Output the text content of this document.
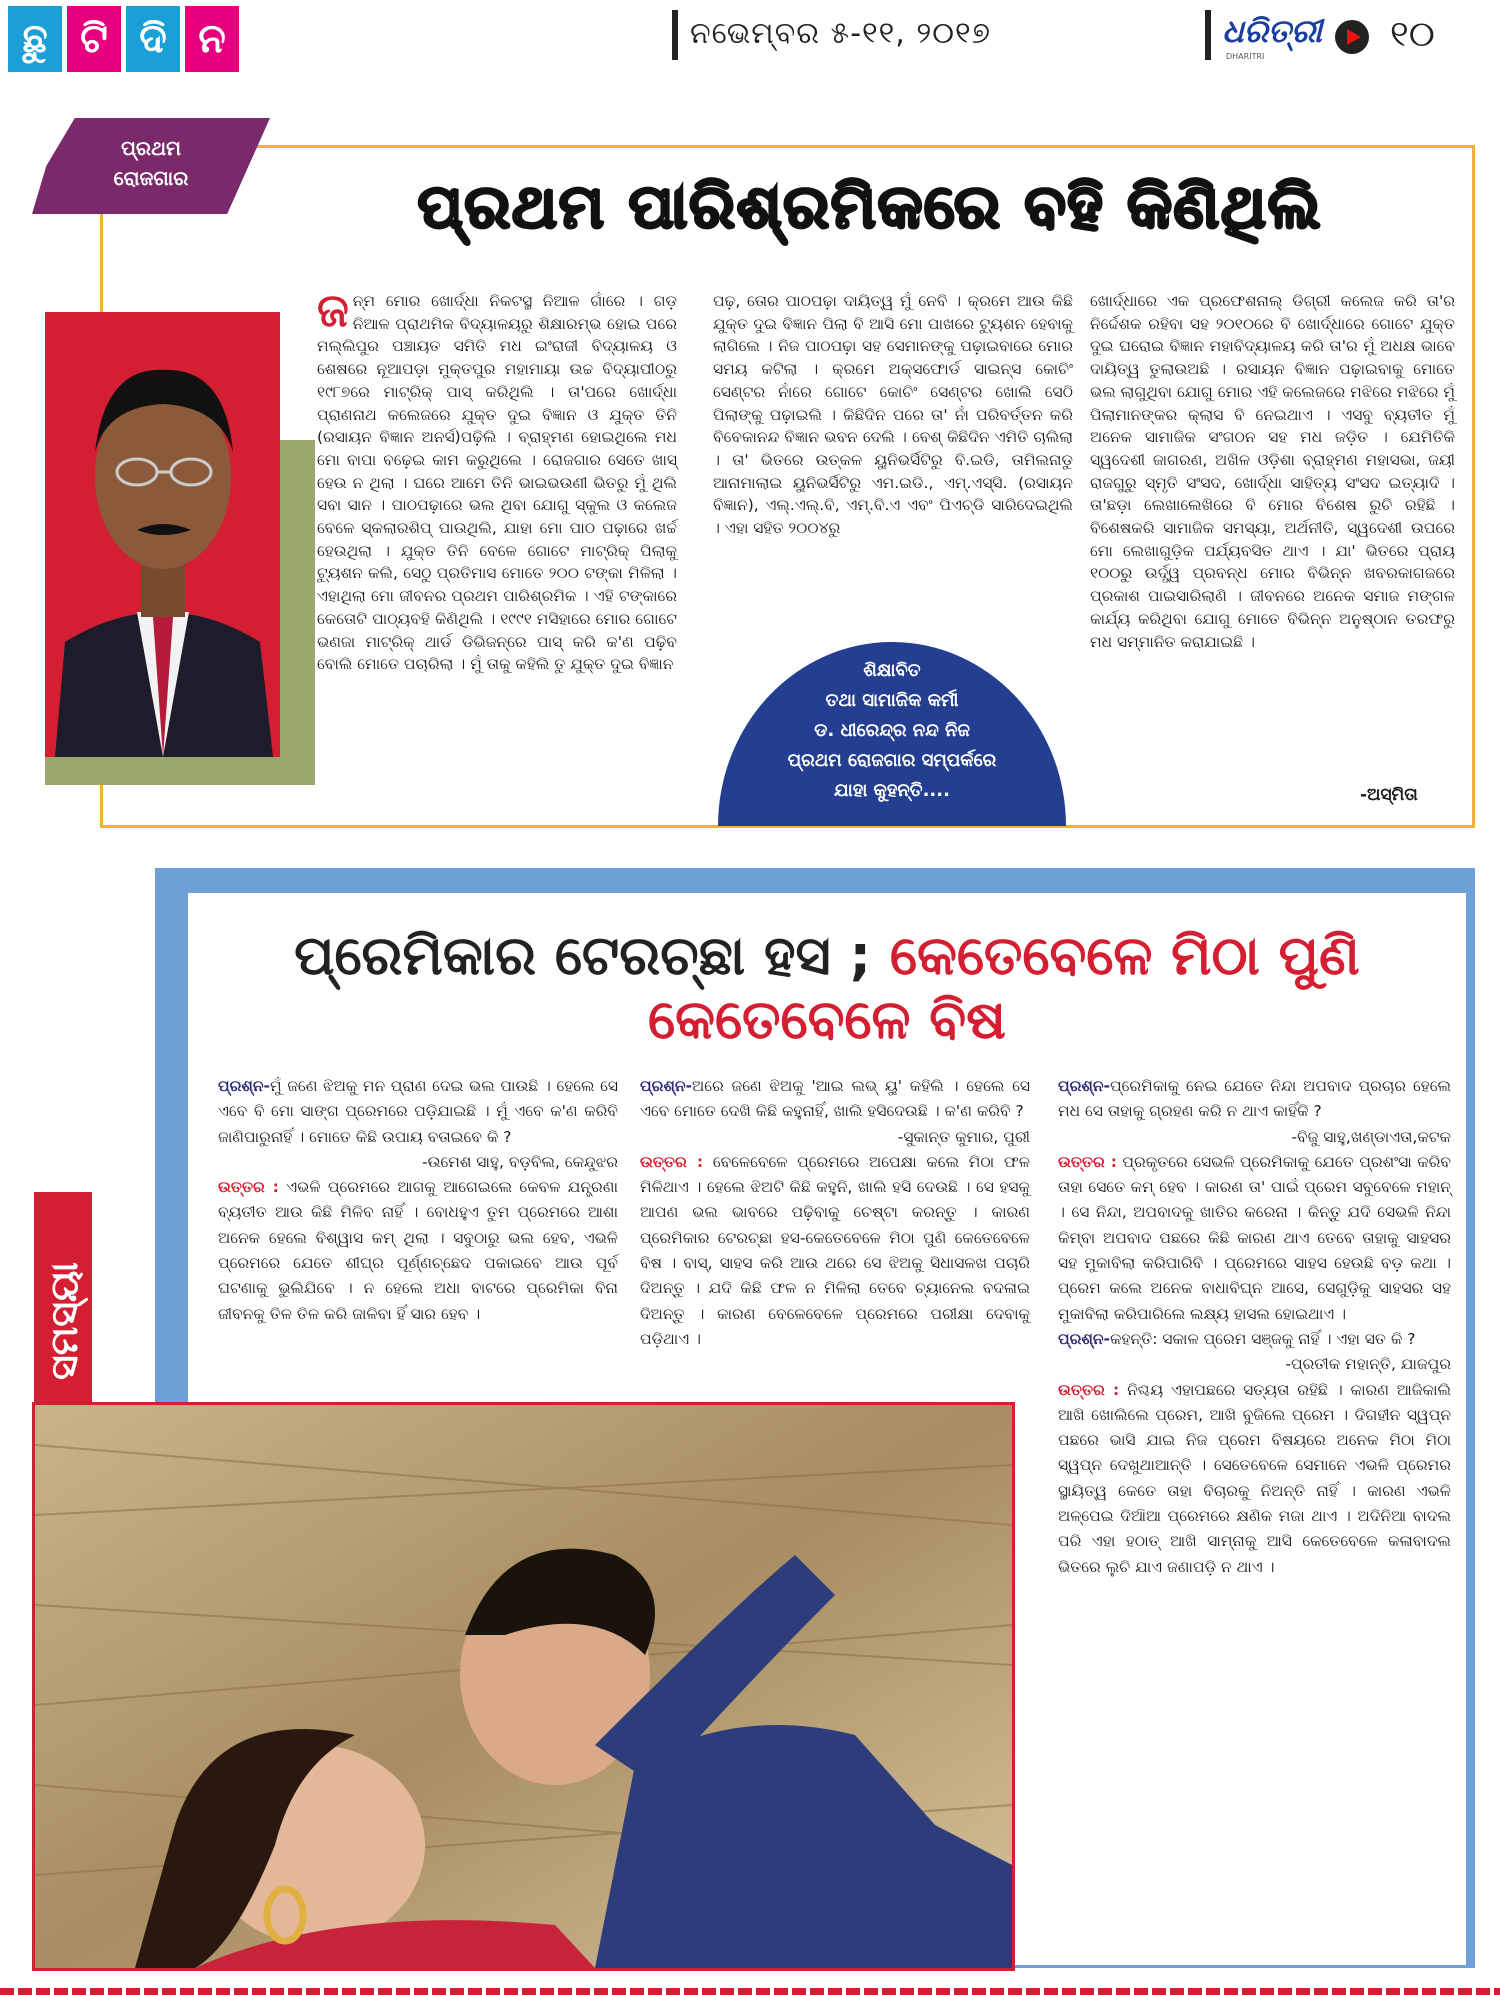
ଛୁ ଟି ଦି ନ	ନଭେମ୍ବର ୫-୧୧, ୨୦୧୭	ଧରିତ୍ରୀ
DHARITRI
୧୦
ପ୍ରଥମ
ରୋଜଗାର	ପ୍ରଥମ ପାରିଶ୍ରମିକରେ ବହି କିଣିଥିଲି
ଜନ୍ମ ମୋର ଖୋର୍ଦ୍ଧା ନିକଟସ୍ଥ ନିଆଳ ଗାଁରେ । ଗଡ଼ ନିଆଳ ପ୍ରାଥମିକ ବିଦ୍ୟାଳୟରୁ ଶିକ୍ଷାରମ୍ଭ ହୋଇ ପରେ ମଲ୍ଲିପୁର ପଞ୍ଚାୟତ ସମିତି ମଧ ଇଂରାଜୀ ବିଦ୍ୟାଳୟ ଓ ଶେଷରେ ନୂଆପଡ଼ା ମୁକ୍ତପୁର ମହାମାୟା ଉଚ୍ଚ ବିଦ୍ୟାପୀଠରୁ ୧୯୮୭ରେ ମାଟ୍ରିକ୍ ପାସ୍ କରିଥିଲି । ତା'ପରେ ଖୋର୍ଦ୍ଧା ପ୍ରାଣନାଥ କଲେଜରେ ଯୁକ୍ତ ଦୁଇ ବିଜ୍ଞାନ ଓ ଯୁକ୍ତ ତିନି (ରସାୟନ ବିଜ୍ଞାନ ଅନର୍ସ)ପଢ଼ିଲି । ବ୍ରାହ୍ମଣ ହୋଇଥିଲେ ମଧ ମୋ ବାପା ବଢ଼େଇ କାମ କରୁଥିଲେ । ରୋଜଗାର ସେତେ ଖାସ୍ ହେଉ ନ ଥିଲା । ଘରେ ଆମେ ତିନି ଭାଇଭଉଣୀ ଭିତରୁ ମୁଁ ଥିଲି ସବା ସାନ । ପାଠପଢ଼ାରେ ଭଲ ଥିବା ଯୋଗୁ ସ୍କୁଲ ଓ କଲେଜ ବେଳେ ସ୍କଲାରଶିପ୍ ପାଉଥିଲି, ଯାହା ମୋ ପାଠ ପଢ଼ାରେ ଖର୍ଚ୍ଚ ହେଉଥିଲା । ଯୁକ୍ତ ତିନି ବେଳେ ଗୋଟେ ମାଟ୍ରିକ୍ ପିଲାକୁ ଟ୍ୟୁଶନ କଲି, ସେଠୁ ପ୍ରତିମାସ ମୋତେ ୨୦୦ ଟଙ୍କା ମିଳିଲା । ଏହାଥିଲା ମୋ ଜୀବନର ପ୍ରଥମ ପାରିଶ୍ରମିକ । ଏହି ଟଙ୍କାରେ କେତୋଟି ପାଠ୍ୟବହି କିଣିଥିଲି । ୧୯୯୧ ମସିହାରେ ମୋର ଗୋଟେ ଭଣଜା ମାଟ୍ରିକ୍ ଥାର୍ଡ ଡିଭିଜନ୍‌ରେ ପାସ୍ କରି କ'ଣ ପଢ଼ିବ ବୋଲି ମୋତେ ପଚାରିଲା । ମୁଁ ତାକୁ କହିଲି ତୁ ଯୁକ୍ତ ଦୁଇ ବିଜ୍ଞାନ
ପଢ଼, ତୋର ପାଠପଢ଼ା ଦାୟିତ୍ୱ ମୁଁ ନେବି । କ୍ରମେ ଆଉ କିଛି ଯୁକ୍ତ ଦୁଇ ବିଜ୍ଞାନ ପିଲା ବି ଆସି ମୋ ପାଖରେ ଟ୍ୟୁଶନ ହେବାକୁ ଲାଗିଲେ । ନିଜ ପାଠପଢ଼ା ସହ ସେମାନଙ୍କୁ ପଢ଼ାଇବାରେ ମୋର ସମୟ କଟିଲା । କ୍ରମେ ଅକ୍ସଫୋର୍ଡ ସାଇନ୍ସ କୋଚିଂ ସେଣ୍ଟର ନାଁରେ ଗୋଟେ କୋଚିଂ ସେଣ୍ଟର ଖୋଲି ସେଠି ପିଲାଙ୍କୁ ପଢ଼ାଇଲି । କିଛିଦିନ ପରେ ତା' ନାଁ ପରିବର୍ତ୍ତନ କରି ବିବେକାନନ୍ଦ ବିଜ୍ଞାନ ଭବନ ଦେଲି । ବେଶ୍ କିଛିଦିନ ଏମିତି ଚାଲିଲା । ତା' ଭିତରେ ଉତ୍କଳ ୟୁନିଭର୍ସିଟିରୁ ବି.ଇଡି, ତାମିଲନାଡୁ ଆନାମାଲାଇ ୟୁନିଭର୍ସିଟିରୁ ଏମ.ଇଡି., ଏମ୍.ଏସ୍‌ସି. (ରସାୟନ ବିଜ୍ଞାନ), ଏଲ୍.ଏଲ୍.ବି, ଏମ୍.ବି.ଏ ଏବଂ ପିଏଚ୍‌ଡି ସାରିଦେଇଥିଲି । ଏହା ସହିତ ୨୦୦୪ରୁ
ଖୋର୍ଦ୍ଧାରେ ଏକ ପ୍ରଫେଶନାଲ୍ ଡିଗ୍ରୀ କଲେଜ କରି ତା'ର ନିର୍ଦ୍ଦେଶକ ରହିବା ସହ ୨୦୧୦ରେ ବି ଖୋର୍ଦ୍ଧାରେ ଗୋଟେ ଯୁକ୍ତ ଦୁଇ ଘରୋଇ ବିଜ୍ଞାନ ମହାବିଦ୍ୟାଳୟ କରି ତା'ର ମୁଁ ଅଧକ୍ଷ ଭାବେ ଦାୟିତ୍ୱ ତୁଲାଉଅଛି । ରସାୟନ ବିଜ୍ଞାନ ପଢ଼ାଇବାକୁ ମୋତେ ଭଲ ଲାଗୁଥିବା ଯୋଗୁ ମୋର ଏହି କଲେଜରେ ମଝିରେ ମଝିରେ ମୁଁ ପିଲାମାନଙ୍କର କ୍ଲାସ ବି ନେଇଥାଏ । ଏସବୁ ବ୍ୟତୀତ ମୁଁ ଅନେକ ସାମାଜିକ ସଂଗଠନ ସହ ମଧ ଜଡ଼ିତ । ଯେମିତିକି ସ୍ୱଦେଶୀ ଜାଗରଣ, ଅଖିଳ ଓଡ଼ିଶା ବ୍ରାହ୍ମଣ ମହାସଭା, ଜୟୀ ରାଜଗୁରୁ ସ୍ମୃତି ସଂସଦ, ଖୋର୍ଦ୍ଧା ସାହିତ୍ୟ ସଂସଦ ଇତ୍ୟାଦି । ତା'ଛଡ଼ା ଲେଖାଲେଖିରେ ବି ମୋର ବିଶେଷ ରୁଚି ରହିଛି । ବିଶେଷକରି ସାମାଜିକ ସମସ୍ୟା, ଅର୍ଥନୀତି, ସ୍ୱଦେଶୀ ଉପରେ ମୋ ଲେଖାଗୁଡ଼ିକ ପର୍ଯ୍ୟବସିତ ଥାଏ । ଯା' ଭିତରେ ପ୍ରାୟ ୧୦୦ରୁ ଉର୍ଦ୍ଧ୍ୱ ପ୍ରବନ୍ଧ ମୋର ବିଭିନ୍ନ ଖବରକାଗଜରେ ପ୍ରକାଶ ପାଇସାରିଲାଣି । ଜୀବନରେ ଅନେକ ସମାଜ ମଙ୍ଗଳ କାର୍ଯ୍ୟ କରିଥିବା ଯୋଗୁ ମୋତେ ବିଭିନ୍ନ ଅନୁଷ୍ଠାନ ତରଫରୁ ମଧ ସମ୍ମାନିତ କରାଯାଇଛି ।
ଶିକ୍ଷାବିତ
ତଥା ସାମାଜିକ କର୍ମୀ
ଡ. ଧୀରେନ୍ଦ୍ର ନନ୍ଦ ନିଜ
ପ୍ରଥମ ରୋଜଗାର ସମ୍ପର୍କରେ
ଯାହା କୁହନ୍ତି....	-ଅସ୍ମିତା
ପ୍ରେମିକାର ଟେରଚ୍ଛା ହସ ; କେତେବେଳେ ମିଠା ପୁଣି କେତେବେଳେ ବିଷ
ସମସ୍ୟା

ପ୍ରଶ୍ନ-ମୁଁ ଜଣେ ଝିଅକୁ ମନ ପ୍ରାଣ ଦେଇ ଭଲ ପାଉଛି । ହେଲେ ସେ ଏବେ ବି ମୋ ସାଙ୍ଗ ପ୍ରେମରେ ପଡ଼ିଯାଇଛି । ମୁଁ ଏବେ କ'ଣ କରିବି ଜାଣିପାରୁନାହିଁ । ମୋତେ କିଛି ଉପାୟ ବତାଇବେ କି ?

-ଉମେଶ ସାହୁ, ବଡ଼ବିଲ, କେନ୍ଦୁଝର

ଉତ୍ତର : ଏଭଳି ପ୍ରେମରେ ଆଗକୁ ଆଗେଇଲେ କେବଳ ଯନ୍ତ୍ରଣା ବ୍ୟତୀତ ଆଉ କିଛି ମିଳିବ ନାହିଁ । ବୋଧହୁଏ ତୁମ ପ୍ରେମରେ ଆଶା ଅନେକ ହେଲେ ବିଶ୍ୱାସ କମ୍ ଥିଲା । ସବୁଠାରୁ ଭଲ ହେବ, ଏଭଳି ପ୍ରେମରେ ଯେତେ ଶୀଘ୍ର ପୂର୍ଣ୍ଣଚ୍ଛେଦ ପକାଇବେ ଆଉ ପୂର୍ବ ଘଟଣାକୁ ଭୁଲିଯିବେ । ନ ହେଲେ ଅଧା ବାଟରେ ପ୍ରେମିକା ବିନା ଜୀବନକୁ ତିଳ ତିଳ କରି ଜାଳିବା ହିଁ ସାର ହେବ ।

ପ୍ରଶ୍ନ-ଅରେ ଜଣେ ଝିଅକୁ 'ଆଇ ଲଭ୍ ୟୁ' କହିଲି । ହେଲେ ସେ ଏବେ ମୋତେ ଦେଖି କିଛି କହୁନାହିଁ, ଖାଲି ହସିଦେଉଛି । କ'ଣ କରିବି ?

-ସୁକାନ୍ତ କୁମାର, ପୁରୀ

ଉତ୍ତର : ବେଳେବେଳେ ପ୍ରେମରେ ଅପେକ୍ଷା କଲେ ମିଠା ଫଳ ମିଳିଥାଏ । ହେଲେ ଝିଅଟି କିଛି କହୁନି, ଖାଲି ହସି ଦେଉଛି । ସେ ହସକୁ ଆପଣ ଭଲ ଭାବରେ ପଢ଼ିବାକୁ ଚେଷ୍ଟା କରନ୍ତୁ । କାରଣ ପ୍ରେମିକାର ଟେରଚ୍ଛା ହସ-କେତେବେଳେ ମିଠା ପୁଣି କେତେବେଳେ ବିଷ । ବାସ୍, ସାହସ କରି ଆଉ ଥରେ ସେ ଝିଅକୁ ସିଧାସଳଖ ପଚାରି ଦିଅନ୍ତୁ । ଯଦି କିଛି ଫଳ ନ ମିଳିଲା ତେବେ ଚ୍ୟାନେଲ ବଦଳାଇ ଦିଅନ୍ତୁ । କାରଣ ବେଳେବେଳେ ପ୍ରେମରେ ପରୀକ୍ଷା ଦେବାକୁ ପଡ଼ିଥାଏ ।

ପ୍ରଶ୍ନ-ପ୍ରେମିକାକୁ ନେଇ ଯେତେ ନିନ୍ଦା ଅପବାଦ ପ୍ରଚାର ହେଲେ ମଧ ସେ ତାହାକୁ ଗ୍ରହଣ କରି ନ ଥାଏ କାହିଁକି ?

-ବିଜୁ ସାହୁ,ଖଣ୍ଡାଏତା,କଟକ

ଉତ୍ତର : ପ୍ରକୃତରେ ସେଭଳି ପ୍ରେମିକାକୁ ଯେତେ ପ୍ରଶଂସା କରିବ ତାହା ସେତେ କମ୍ ହେବ । କାରଣ ତା' ପାଇଁ ପ୍ରେମ ସବୁବେଳେ ମହାନ୍ । ସେ ନିନ୍ଦା, ଅପବାଦକୁ ଖାତିର କରେନା । କିନ୍ତୁ ଯଦି ସେଭଳି ନିନ୍ଦା କିମ୍ବା ଅପବାଦ ପଛରେ କିଛି କାରଣ ଥାଏ ତେବେ ତାହାକୁ ସାହସର ସହ ମୁକାବିଲା କରିପାରିବି । ପ୍ରେମରେ ସାହସ ହେଉଛି ବଡ଼ କଥା । ପ୍ରେମ କଲେ ଅନେକ ବାଧାବିଘ୍ନ ଆସେ, ସେଗୁଡ଼ିକୁ ସାହସର ସହ ମୁକାବିଲା କରିପାରିଲେ ଲକ୍ଷ୍ୟ ହାସଲ ହୋଇଥାଏ ।

ପ୍ରଶ୍ନ-କହନ୍ତି: ସକାଳ ପ୍ରେମ ସଞ୍ଜକୁ ନାହିଁ । ଏହା ସତ କି ?

-ପ୍ରତୀକ ମହାନ୍ତି, ଯାଜପୁର

ଉତ୍ତର : ନିଶ୍ଚୟ ଏହାପଛରେ ସତ୍ୟତା ରହିଛି । କାରଣ ଆଜିକାଲି ଆଖି ଖୋଲିଲେ ପ୍ରେମ, ଆଖି ବୁଜିଲେ ପ୍ରେମ । ଦିଗହୀନ ସ୍ୱପ୍ନ ପଛରେ ଭାସି ଯାଇ ନିଜ ପ୍ରେମ ବିଷୟରେ ଅନେକ ମିଠା ମିଠା ସ୍ୱପ୍ନ ଦେଖୁଥାଆନ୍ତି । ସେତେବେଳେ ସେମାନେ ଏଭଳି ପ୍ରେମର ସ୍ଥାୟିତ୍ୱ କେତେ ତାହା ବିଚାରକୁ ନିଅନ୍ତି ନାହିଁ । କାରଣ ଏଭଳି ଅଳ୍ପେଇ ଦିଆିଆ ପ୍ରେମରେ କ୍ଷଣିକ ମଜା ଥାଏ । ଅଦିନିଆ ବାଦଲ ପରି ଏହା ହଠାତ୍ ଆଖି ସାମ୍ନାକୁ ଆସି କେତେବେଳେ କଳାବାଦଲ ଭିତରେ ଲୁଚି ଯାଏ ଜଣାପଡ଼ି ନ ଥାଏ ।
